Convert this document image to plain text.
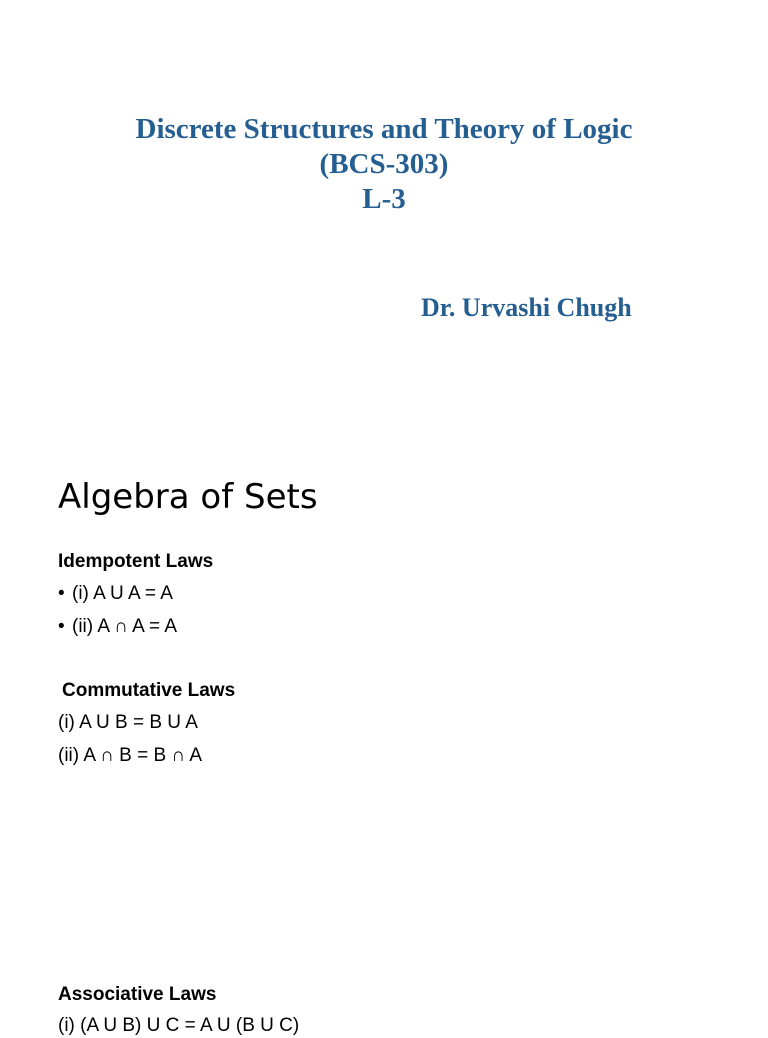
Discrete Structures and Theory of Logic
(BCS-303)
L-3
Dr. Urvashi Chugh
Algebra of Sets
Idempotent Laws
• (i) A U A = A
• (ii) A ∩ A = A
Commutative Laws
(i) A U B = B U A
(ii) A ∩ B = B ∩ A
Associative Laws
(i) (A U B) U C = A U (B U C)
